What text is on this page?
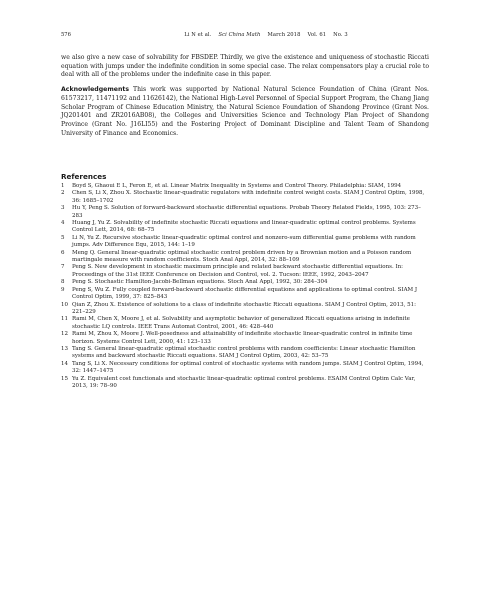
576	Li N et al. Sci China Math March 2018 Vol. 61 No. 3

we also give a new case of solvability for FBSDEP. Thirdly, we give the existence and uniqueness of stochastic Riccati equation with jumps under the indefinite condition in some special case. The relax compensators play a crucial role to deal with all of the problems under the indefinite case in this paper.

Acknowledgements This work was supported by National Natural Science Foundation of China (Grant Nos. 61573217, 11471192 and 11626142), the National High-Level Personnel of Special Support Program, the Chang Jiang Scholar Program of Chinese Education Ministry, the Natural Science Foundation of Shandong Province (Grant Nos. JQ201401 and ZR2016AB08), the Colleges and Universities Science and Technology Plan Project of Shandong Province (Grant No. J16LI55) and the Fostering Project of Dominant Discipline and Talent Team of Shandong University of Finance and Economics.

References
1	Boyd S, Ghaoui E L, Feron E, et al. Linear Matrix Inequality in Systems and Control Theory. Philadelphia: SIAM, 1994
2	Chen S, Li X, Zhou X. Stochastic linear-quadratic regulators with indefinite control weight costs. SIAM J Control Optim, 1998, 36: 1685–1702
3	Hu Y, Peng S. Solution of forward-backward stochastic differential equations. Probab Theory Related Fields, 1995, 103: 273–283
4	Huang J, Yu Z. Solvability of indefinite stochastic Riccati equations and linear-quadratic optimal control problems. Systems Control Lett, 2014, 68: 68–75
5	Li N, Yu Z. Recursive stochastic linear-quadratic optimal control and nonzero-sum differential game problems with random jumps. Adv Difference Equ, 2015, 144: 1–19
6	Meng Q. General linear-quadratic optimal stochastic control problem driven by a Brownian motion and a Poisson random martingale measure with random coefficients. Stoch Anal Appl, 2014, 32: 88–109
7	Peng S. New development in stochastic maximum principle and related backward stochastic differential equations. In: Proceedings of the 31st IEEE Conference on Decision and Control, vol. 2. Tucson: IEEE, 1992, 2043–2047
8	Peng S. Stochastic Hamilton-Jacobi-Bellman equations. Stoch Anal Appl, 1992, 30: 284–304
9	Peng S, Wu Z. Fully coupled forward-backward stochastic differential equations and applications to optimal control. SIAM J Control Optim, 1999, 37: 825–843
10 Qian Z, Zhou X. Existence of solutions to a class of indefinite stochastic Riccati equations. SIAM J Control Optim, 2013, 51: 221–229
11 Rami M, Chen X, Moore J, et al. Solvability and asymptotic behavior of generalized Riccati equations arising in indefinite stochastic LQ controls. IEEE Trans Automat Control, 2001, 46: 428–440
12 Rami M, Zhou X, Moore J. Well-posedness and attainability of indefinite stochastic linear-quadratic control in infinite time horizon. Systems Control Lett, 2000, 41: 123–133
13 Tang S. General linear-quadratic optimal stochastic control problems with random coefficients: Linear stochastic Hamilton systems and backward stochastic Riccati equations. SIAM J Control Optim, 2003, 42: 53–75
14 Tang S, Li X. Necessary conditions for optimal control of stochastic systems with random jumps. SIAM J Control Optim, 1994, 32: 1447–1475
15 Yu Z. Equivalent cost functionals and stochastic linear-quadratic optimal control problems. ESAIM Control Optim Calc Var, 2013, 19: 78–90
